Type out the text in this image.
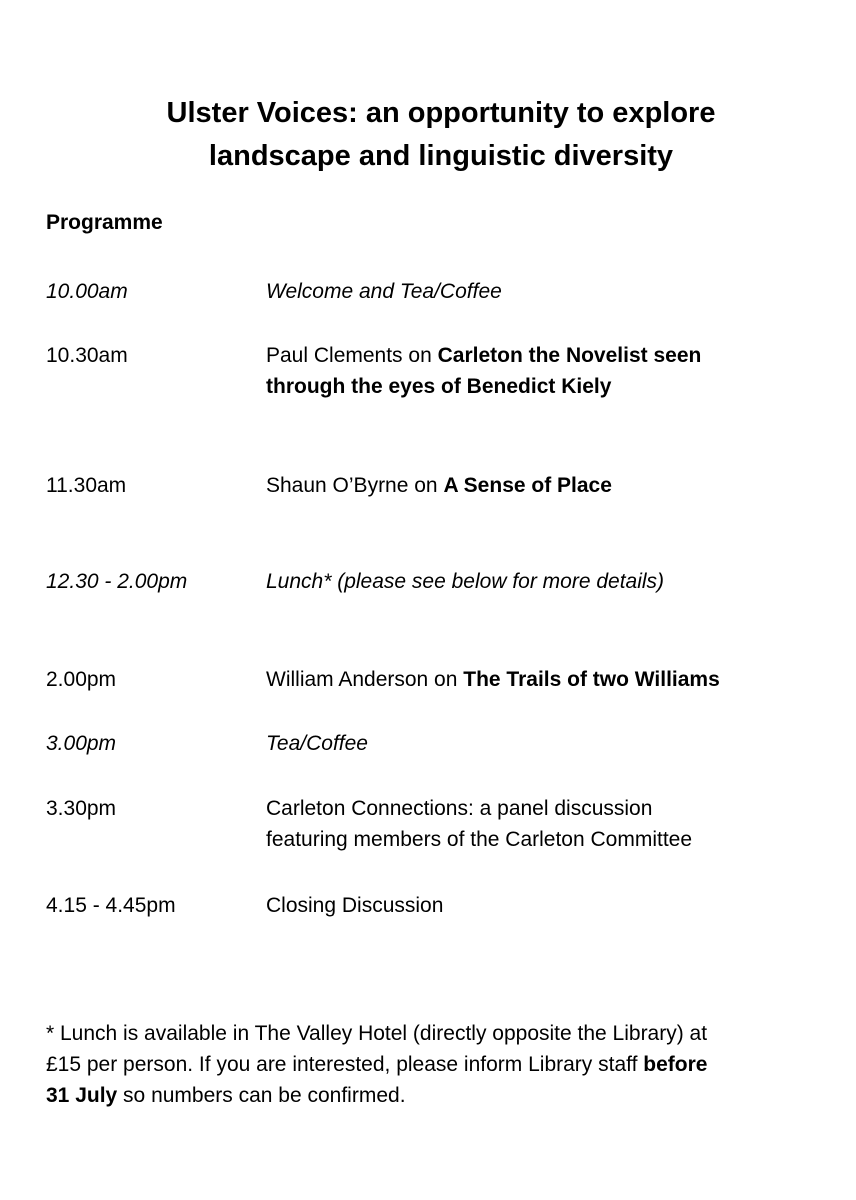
Ulster Voices: an opportunity to explore
landscape and linguistic diversity
Programme
10.00am	Welcome and Tea/Coffee
10.30am	Paul Clements on Carleton the Novelist seen
through the eyes of Benedict Kiely
11.30am	Shaun O’Byrne on A Sense of Place
12.30 - 2.00pm	Lunch* (please see below for more details)
2.00pm	William Anderson on The Trails of two Williams
3.00pm	Tea/Coffee
3.30pm	Carleton Connections: a panel discussion
featuring members of the Carleton Committee
4.15 - 4.45pm	Closing Discussion
* Lunch is available in The Valley Hotel (directly opposite the Library) at
£15 per person. If you are interested, please inform Library staff before
31 July so numbers can be confirmed.
